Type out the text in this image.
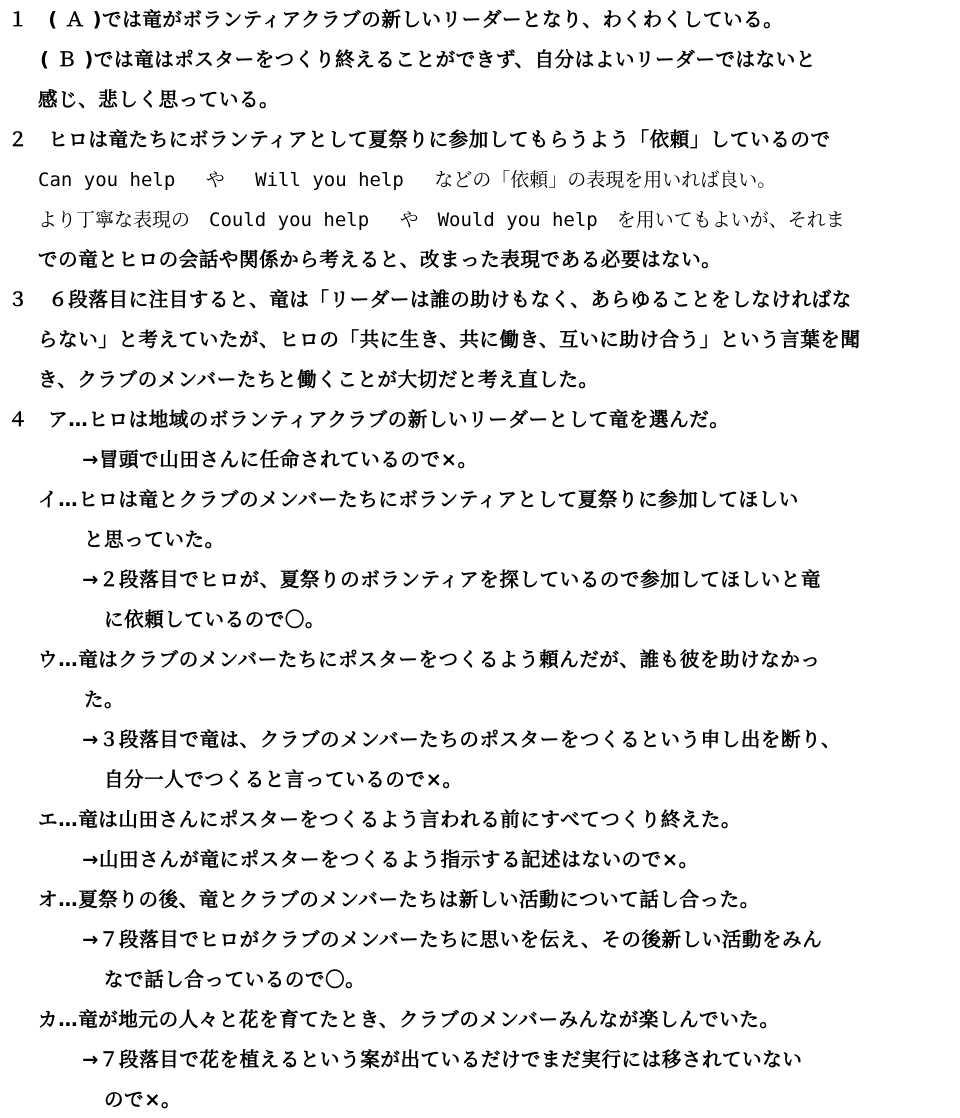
１　( Ａ )では竜がボランティアクラブの新しいリーダーとなり、わくわくしている。
( Ｂ )では竜はポスターをつくり終えることができず、自分はよいリーダーではないと
感じ、悲しく思っている。
２　ヒロは竜たちにボランティアとして夏祭りに参加してもらうよう「依頼」しているので
Can you help　 や　 Will you help　 などの「依頼」の表現を用いれば良い。
より丁寧な表現の　Could you help　 や　Would you help　を用いてもよいが、それま
での竜とヒロの会話や関係から考えると、改まった表現である必要はない。
３　６段落目に注目すると、竜は「リーダーは誰の助けもなく、あらゆることをしなければな
らない」と考えていたが、ヒロの「共に生き、共に働き、互いに助け合う」という言葉を聞
き、クラブのメンバーたちと働くことが大切だと考え直した。
４　ア…ヒロは地域のボランティアクラブの新しいリーダーとして竜を選んだ。
→冒頭で山田さんに任命されているので×。
イ…ヒロは竜とクラブのメンバーたちにボランティアとして夏祭りに参加してほしい
と思っていた。
→２段落目でヒロが、夏祭りのボランティアを探しているので参加してほしいと竜
に依頼しているので〇。
ウ…竜はクラブのメンバーたちにポスターをつくるよう頼んだが、誰も彼を助けなかっ
た。
→３段落目で竜は、クラブのメンバーたちのポスターをつくるという申し出を断り、
自分一人でつくると言っているので×。
エ…竜は山田さんにポスターをつくるよう言われる前にすべてつくり終えた。
→山田さんが竜にポスターをつくるよう指示する記述はないので×。
オ…夏祭りの後、竜とクラブのメンバーたちは新しい活動について話し合った。
→７段落目でヒロがクラブのメンバーたちに思いを伝え、その後新しい活動をみん
なで話し合っているので〇。
カ…竜が地元の人々と花を育てたとき、クラブのメンバーみんなが楽しんでいた。
→７段落目で花を植えるという案が出ているだけでまだ実行には移されていない
ので×。
